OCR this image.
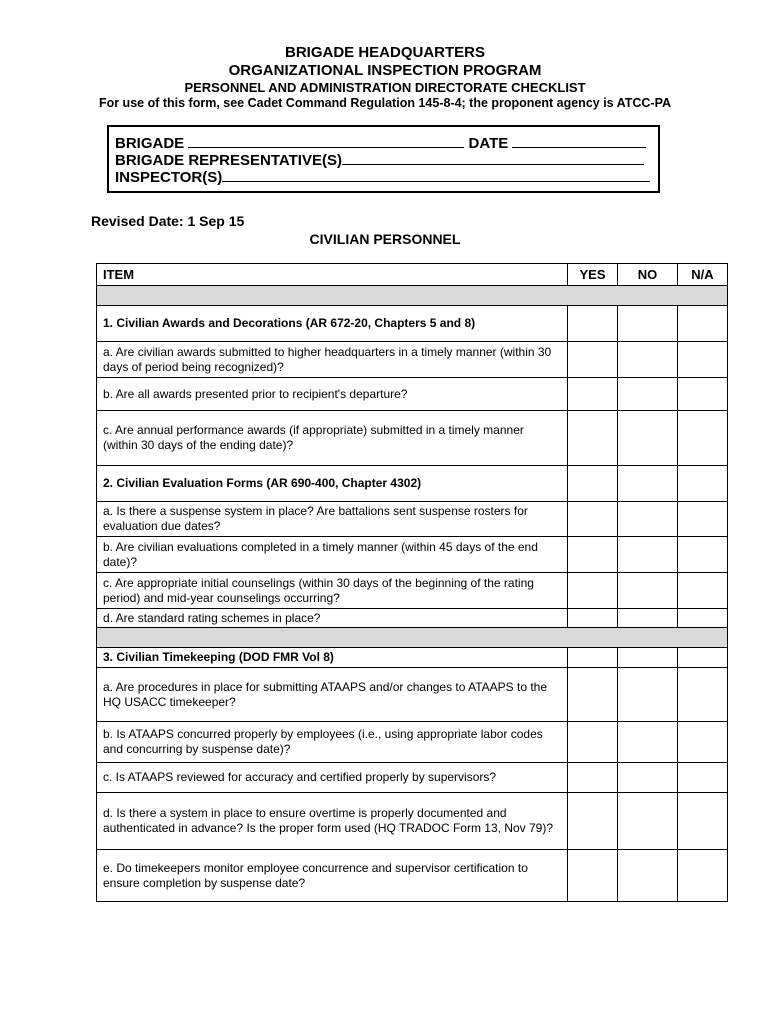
BRIGADE HEADQUARTERS
ORGANIZATIONAL INSPECTION PROGRAM
PERSONNEL AND ADMINISTRATION DIRECTORATE CHECKLIST
For use of this form, see Cadet Command Regulation 145-8-4; the proponent agency is ATCC-PA
BRIGADE	DATE
BRIGADE REPRESENTATIVE(S)
INSPECTOR(S)
Revised Date: 1 Sep 15
CIVILIAN PERSONNEL
ITEM	YES	NO	N/A

1. Civilian Awards and Decorations (AR 672-20, Chapters 5 and 8)			
a. Are civilian awards submitted to higher headquarters in a timely manner (within 30 days of period being recognized)?			
b. Are all awards presented prior to recipient's departure?			
c. Are annual performance awards (if appropriate) submitted in a timely manner (within 30 days of the ending date)?			
2. Civilian Evaluation Forms (AR 690-400, Chapter 4302)			
a. Is there a suspense system in place? Are battalions sent suspense rosters for evaluation due dates?			
b. Are civilian evaluations completed in a timely manner (within 45 days of the end date)?			
c. Are appropriate initial counselings (within 30 days of the beginning of the rating period) and mid-year counselings occurring?			
d. Are standard rating schemes in place?			

3. Civilian Timekeeping (DOD FMR Vol 8)			
a. Are procedures in place for submitting ATAAPS and/or changes to ATAAPS to the HQ USACC timekeeper?			
b. Is ATAAPS concurred properly by employees (i.e., using appropriate labor codes and concurring by suspense date)?			
c. Is ATAAPS reviewed for accuracy and certified properly by supervisors?			
d. Is there a system in place to ensure overtime is properly documented and authenticated in advance? Is the proper form used (HQ TRADOC Form 13, Nov 79)?			
e. Do timekeepers monitor employee concurrence and supervisor certification to ensure completion by suspense date?			
